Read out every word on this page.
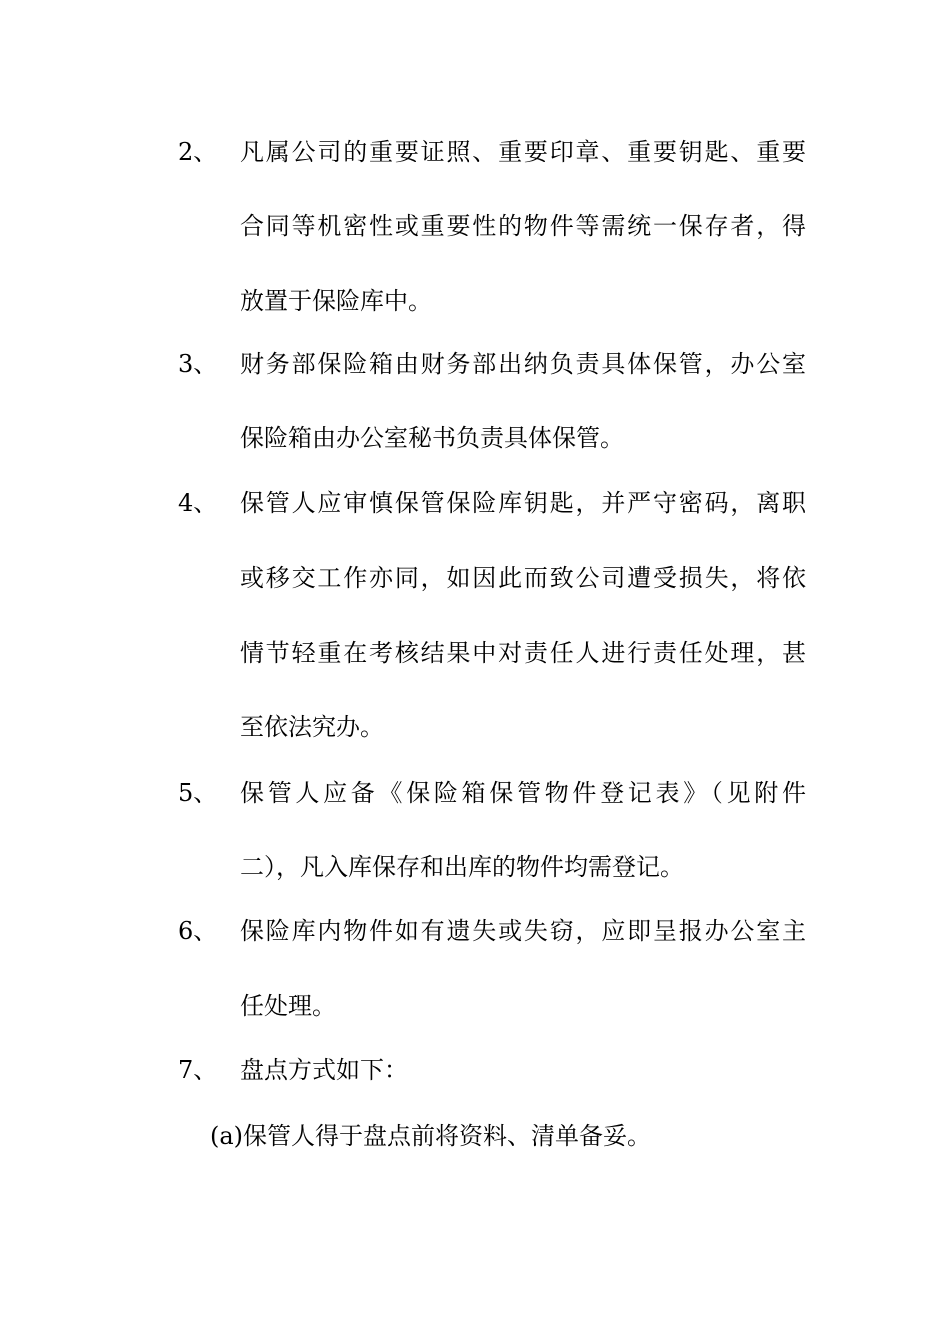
2、 凡属公司的重要证照、重要印章、重要钥匙、重要
合同等机密性或重要性的物件等需统一保存者，得
放置于保险库中。
3、 财务部保险箱由财务部出纳负责具体保管，办公室
保险箱由办公室秘书负责具体保管。
4、 保管人应审慎保管保险库钥匙，并严守密码，离职
或移交工作亦同，如因此而致公司遭受损失，将依
情节轻重在考核结果中对责任人进行责任处理，甚
至依法究办。
5、 保管人应备《保险箱保管物件登记表》（见附件
二），凡入库保存和出库的物件均需登记。
6、 保险库内物件如有遗失或失窃，应即呈报办公室主
任处理。
7、 盘点方式如下：
(a)保管人得于盘点前将资料、清单备妥。
